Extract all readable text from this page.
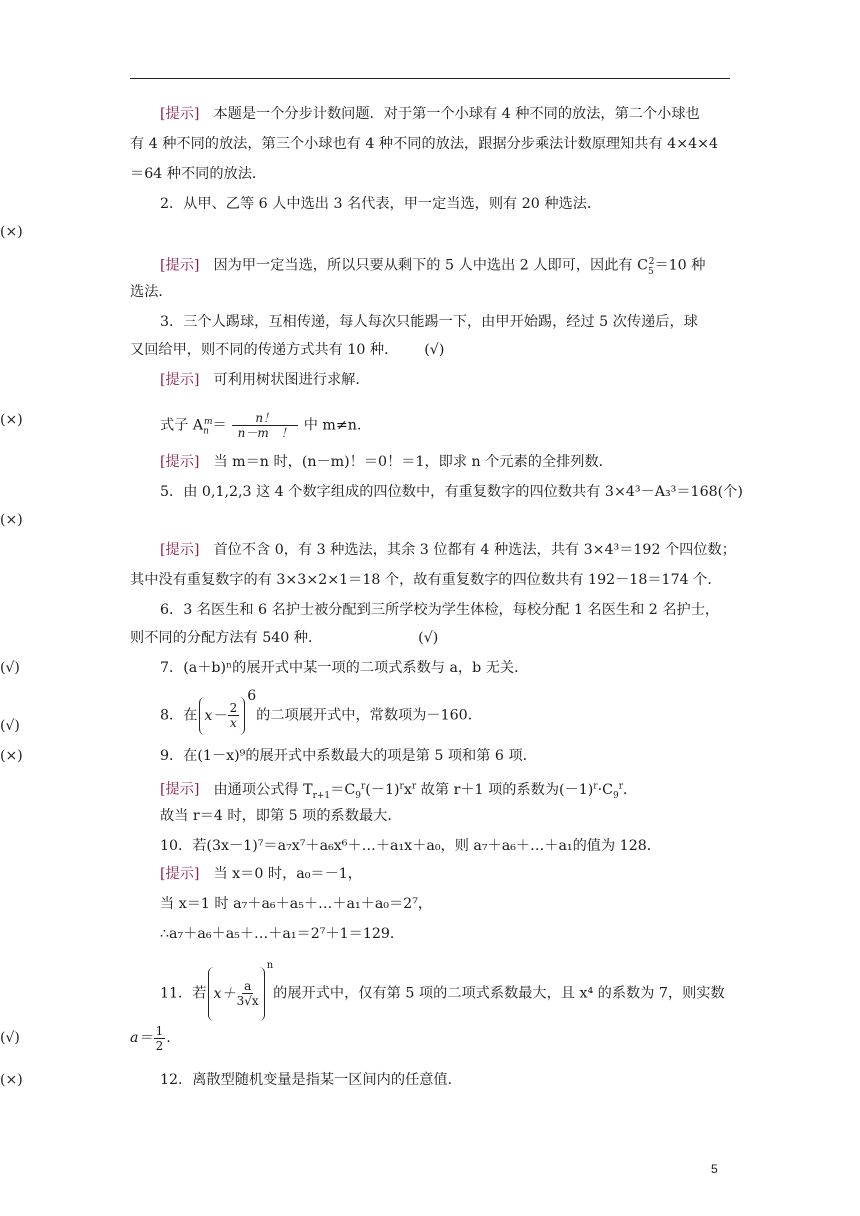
[提示] 本题是一个分步计数问题．对于第一个小球有 4 种不同的放法，第二个小球也
有 4 种不同的放法，第三个小球也有 4 种不同的放法，跟据分步乘法计数原理知共有 4×4×4
＝64 种不同的放法．
2．从甲、乙等 6 人中选出 3 名代表，甲一定当选，则有 20 种选法．
(×)
[提示] 因为甲一定当选，所以只要从剩下的 5 人中选出 2 人即可，因此有 $C_5^2=10$ 种
选法．
3．三个人踢球，互相传递，每人每次只能踢一下，由甲开始踢，经过 5 次传递后，球
又回给甲，则不同的传递方式共有 10 种． (√)
[提示] 可利用树状图进行求解．
式子 $A_n^m= \frac{n!}{n-m !}$ 中 m≠n.
(×)
[提示] 当 m＝n 时，(n－m)！＝0！＝1，即求 n 个元素的全排列数．
5．由 0,1,2,3 这 4 个数字组成的四位数中，有重复数字的四位数共有 3×4³－A₃³＝168(个)
(×)
[提示] 首位不含 0，有 3 种选法，其余 3 位都有 4 种选法，共有 3×4³＝192 个四位数；
其中没有重复数字的有 3×3×2×1＝18 个，故有重复数字的四位数共有 192－18＝174 个．
6．3 名医生和 6 名护士被分配到三所学校为学生体检，每校分配 1 名医生和 2 名护士，
则不同的分配方法有 540 种．	(√)
7．(a＋b)ⁿ的展开式中某一项的二项式系数与 a，b 无关．
(√)
8．在 $x- \frac{2}{x}$
$^6$的二项展开式中，常数项为－160．
(√)
9．在(1－x)⁹的展开式中系数最大的项是第 5 项和第 6 项．
(×)
[提示] 由通项公式得 $T_{r+1}=C_9^r(-1)^rx^r$ 故第 r＋1 项的系数为$(-1)^r\cdot C_9^r$．
故当 r＝4 时，即第 5 项的系数最大．
10．若(3x－1)⁷＝a₇x⁷＋a₆x⁶＋…＋a₁x＋a₀，则 a₇＋a₆＋…＋a₁的值为 128．
[提示] 当 x＝0 时，a₀＝－1，
当 x＝1 时 a₇＋a₆＋a₅＋…＋a₁＋a₀＝2⁷，
∴a₇＋a₆＋a₅＋…＋a₁＝2⁷＋1＝129．
11．若 $x+ \frac{a}{3√x}$
$^n$的展开式中，仅有第 5 项的二项式系数最大，且 x⁴ 的系数为 7，则实数
$a= \frac{1}{2}$ .
(√)
12．离散型随机变量是指某一区间内的任意值．
(×)
5
